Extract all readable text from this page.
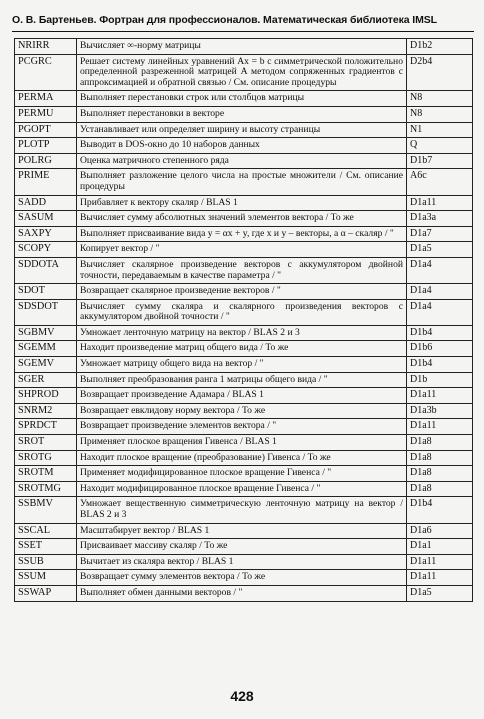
О. В. Бартеньев. Фортран для профессионалов. Математическая библиотека IMSL
NRIRR	Вычисляет ∞-норму матрицы	D1b2
PCGRC	Решает систему линейных уравнений Ax = b с симметрической положительно определенной разреженной матрицей A методом сопряженных градиентов с аппроксимацией и обратной связью / См. описание процедуры	D2b4
PERMA	Выполняет перестановки строк или столбцов матрицы	N8
PERMU	Выполняет перестановки в векторе	N8
PGOPT	Устанавливает или определяет ширину и высоту страницы	N1
PLOTP	Выводит в DOS-окно до 10 наборов данных	Q
POLRG	Оценка матричного степенного ряда	D1b7
PRIME	Выполняет разложение целого числа на простые множители / См. описание процедуры	A6c
SADD	Прибавляет к вектору скаляр / BLAS 1	D1a11
SASUM	Вычисляет сумму абсолютных значений элементов вектора / То же	D1a3a
SAXPY	Выполняет присваивание вида y = αx + y, где x и y – векторы, a α – скаляр / "	D1a7
SCOPY	Копирует вектор / "	D1a5
SDDOTA	Вычисляет скалярное произведение векторов с аккумулятором двойной точности, передаваемым в качестве параметра / "	D1a4
SDOT	Возвращает скалярное произведение векторов / "	D1a4
SDSDOT	Вычисляет сумму скаляра и скалярного произведения векторов с аккумулятором двойной точности / "	D1a4
SGBMV	Умножает ленточную матрицу на вектор / BLAS 2 и 3	D1b4
SGEMM	Находит произведение матриц общего вида / То же	D1b6
SGEMV	Умножает матрицу общего вида на вектор / "	D1b4
SGER	Выполняет преобразования ранга 1 матрицы общего вида / "	D1b
SHPROD	Возвращает произведение Адамара / BLAS 1	D1a11
SNRM2	Возвращает евклидову норму вектора / То же	D1a3b
SPRDCT	Возвращает произведение элементов вектора / "	D1a11
SROT	Применяет плоское вращения Гивенса / BLAS 1	D1a8
SROTG	Находит плоское вращение (преобразование) Гивенса / То же	D1a8
SROTM	Применяет модифицированное плоское вращение Гивенса / "	D1a8
SROTMG	Находит модифицированное плоское вращение Гивенса / "	D1a8
SSBMV	Умножает вещественную симметрическую ленточную матрицу на вектор / BLAS 2 и 3	D1b4
SSCAL	Масштабирует вектор / BLAS 1	D1a6
SSET	Присваивает массиву скаляр / То же	D1a1
SSUB	Вычитает из скаляра вектор / BLAS 1	D1a11
SSUM	Возвращает сумму элементов вектора / То же	D1a11
SSWAP	Выполняет обмен данными векторов / "	D1a5
428
